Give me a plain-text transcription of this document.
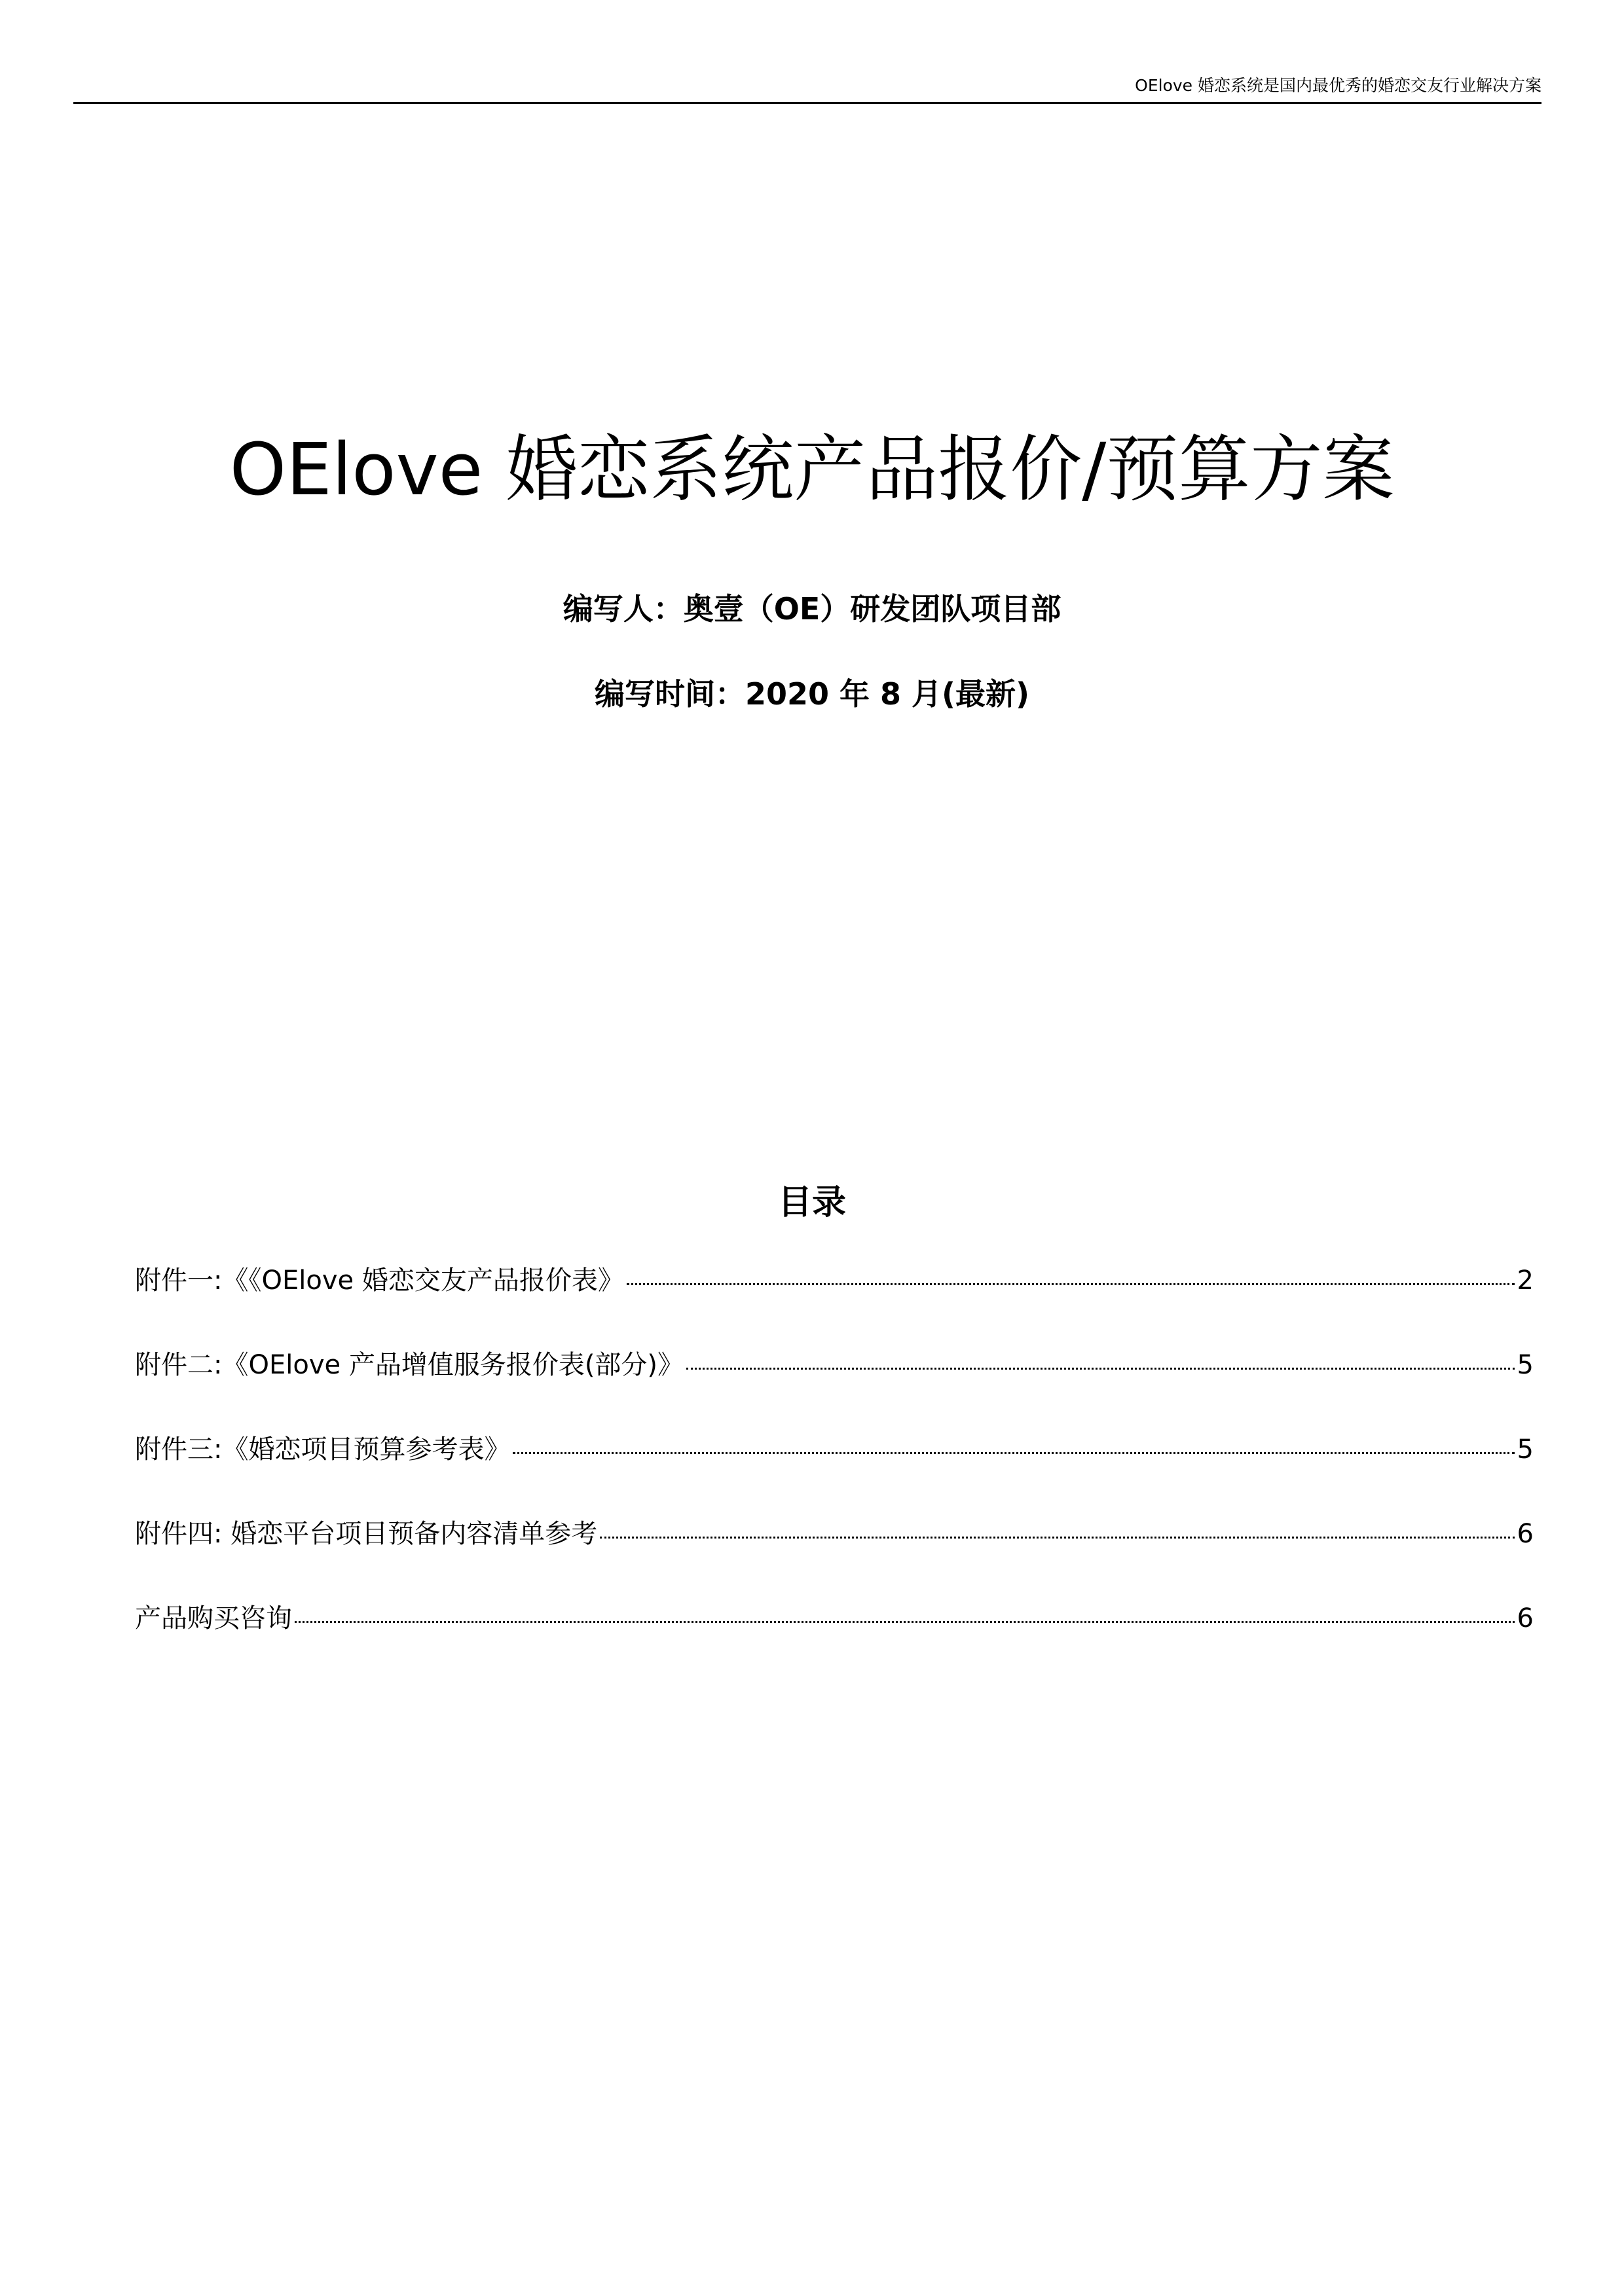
OElove 婚恋系统是国内最优秀的婚恋交友行业解决方案
OElove 婚恋系统产品报价/预算方案
编写人：奥壹（OE）研发团队项目部
编写时间：2020 年 8 月(最新)
目录
附件一:《《OElove 婚恋交友产品报价表》	2
附件二:《OElove 产品增值服务报价表(部分)》	5
附件三:《婚恋项目预算参考表》	5
附件四: 婚恋平台项目预备内容清单参考	6
产品购买咨询	6
